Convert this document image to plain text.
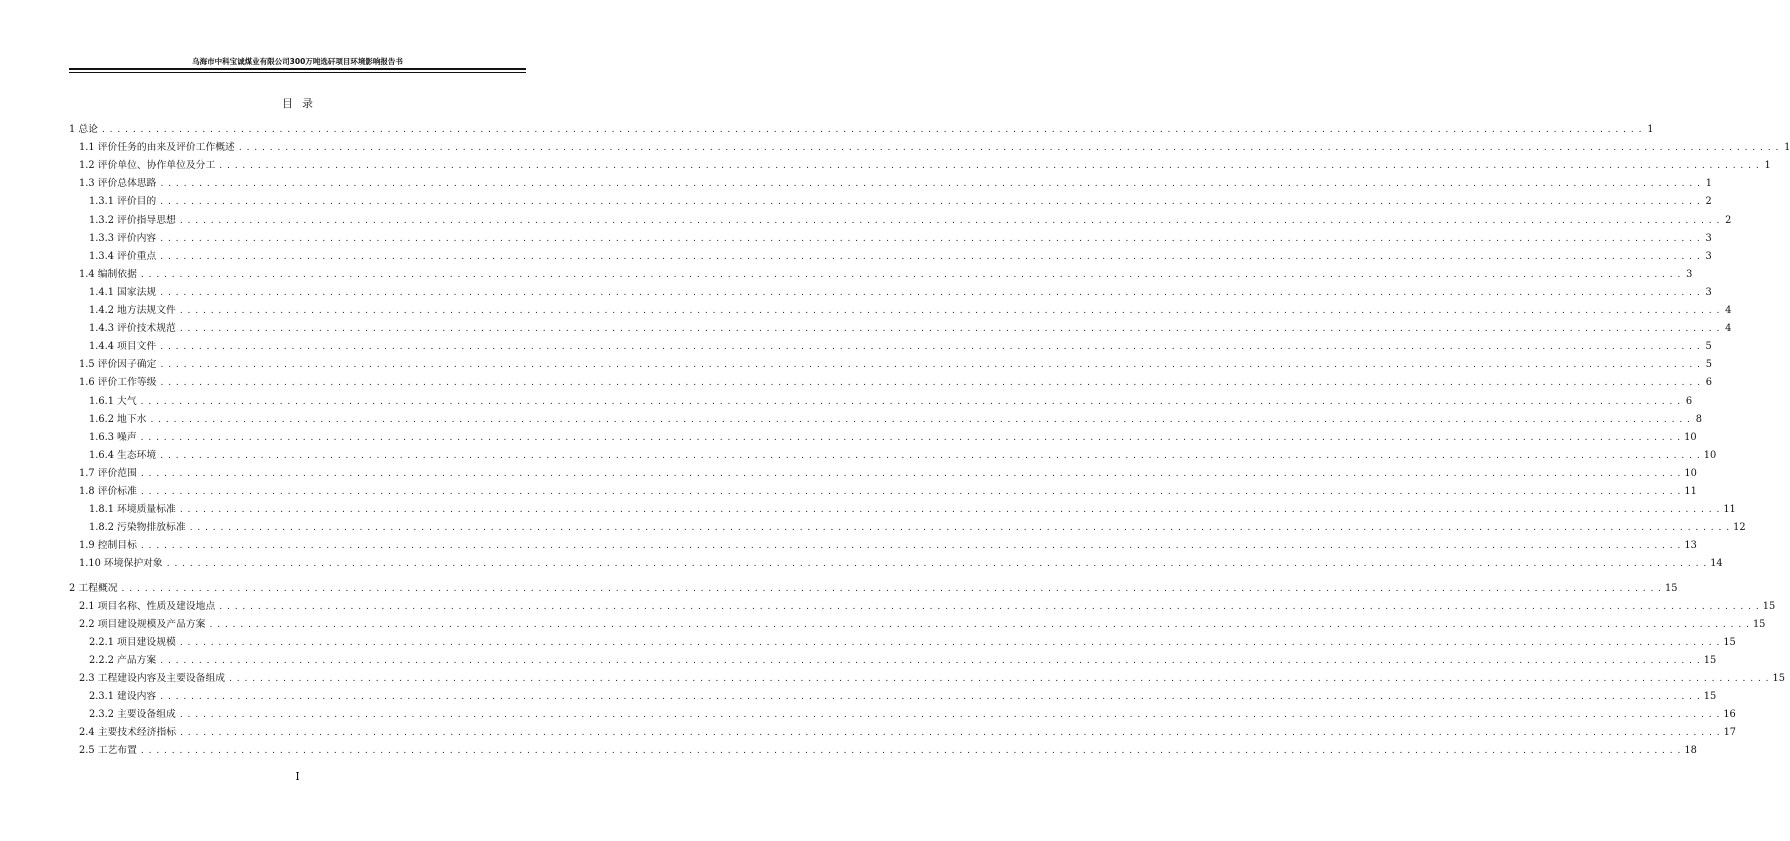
乌海市中科宝诚煤业有限公司300万吨选矸项目环境影响报告书
目录
1 总论 . . . . . . . . . . . . . . . . . . . . . . . . . . . . . . . . . . . . . . . . . . . . . . . . . . . . . . . . . . . . . . . . . . . . . . . . . . . . . . . . . . . . . . . . . . . . . . . . . . . . . . . . . . . . . . . . . . . . . . . . . . . . . . . . . . . . . . . . . . . . . . . . . . . . . . . . . . . . . . . . . . . . . . . . . . . . . . . . . . . . . . . . . . . . . . . . . . . . . . . . 1
1.1 评价任务的由来及评价工作概述 . . . . . . . . . . . . . . . . . . . . . . . . . . . . . . . . . . . . . . . . . . . . . . . . . . . . . . . . . . . . . . . . . . . . . . . . . . . . . . . . . . . . . . . . . . . . . . . . . . . . . . . . . . . . . . . . . . . . . . . . . . . . . . . . . . . . . . . . . . . . . . . . . . . . . . . . . . . . . . . . . . . . . . . . . . . . . . . . . . . . . . . . . . . . . . . . . . . . . . . . 1
1.2 评价单位、协作单位及分工 . . . . . . . . . . . . . . . . . . . . . . . . . . . . . . . . . . . . . . . . . . . . . . . . . . . . . . . . . . . . . . . . . . . . . . . . . . . . . . . . . . . . . . . . . . . . . . . . . . . . . . . . . . . . . . . . . . . . . . . . . . . . . . . . . . . . . . . . . . . . . . . . . . . . . . . . . . . . . . . . . . . . . . . . . . . . . . . . . . . . . . . . . . . . . . . . . . . . . . . . 1
1.3 评价总体思路 . . . . . . . . . . . . . . . . . . . . . . . . . . . . . . . . . . . . . . . . . . . . . . . . . . . . . . . . . . . . . . . . . . . . . . . . . . . . . . . . . . . . . . . . . . . . . . . . . . . . . . . . . . . . . . . . . . . . . . . . . . . . . . . . . . . . . . . . . . . . . . . . . . . . . . . . . . . . . . . . . . . . . . . . . . . . . . . . . . . . . . . . . . . . . . . . . . . . . . . . 1
1.3.1 评价目的 . . . . . . . . . . . . . . . . . . . . . . . . . . . . . . . . . . . . . . . . . . . . . . . . . . . . . . . . . . . . . . . . . . . . . . . . . . . . . . . . . . . . . . . . . . . . . . . . . . . . . . . . . . . . . . . . . . . . . . . . . . . . . . . . . . . . . . . . . . . . . . . . . . . . . . . . . . . . . . . . . . . . . . . . . . . . . . . . . . . . . . . . . . . . . . . . . . . . . . . . 2
1.3.2 评价指导思想 . . . . . . . . . . . . . . . . . . . . . . . . . . . . . . . . . . . . . . . . . . . . . . . . . . . . . . . . . . . . . . . . . . . . . . . . . . . . . . . . . . . . . . . . . . . . . . . . . . . . . . . . . . . . . . . . . . . . . . . . . . . . . . . . . . . . . . . . . . . . . . . . . . . . . . . . . . . . . . . . . . . . . . . . . . . . . . . . . . . . . . . . . . . . . . . . . . . . . . . . 2
1.3.3 评价内容 . . . . . . . . . . . . . . . . . . . . . . . . . . . . . . . . . . . . . . . . . . . . . . . . . . . . . . . . . . . . . . . . . . . . . . . . . . . . . . . . . . . . . . . . . . . . . . . . . . . . . . . . . . . . . . . . . . . . . . . . . . . . . . . . . . . . . . . . . . . . . . . . . . . . . . . . . . . . . . . . . . . . . . . . . . . . . . . . . . . . . . . . . . . . . . . . . . . . . . . . 3
1.3.4 评价重点 . . . . . . . . . . . . . . . . . . . . . . . . . . . . . . . . . . . . . . . . . . . . . . . . . . . . . . . . . . . . . . . . . . . . . . . . . . . . . . . . . . . . . . . . . . . . . . . . . . . . . . . . . . . . . . . . . . . . . . . . . . . . . . . . . . . . . . . . . . . . . . . . . . . . . . . . . . . . . . . . . . . . . . . . . . . . . . . . . . . . . . . . . . . . . . . . . . . . . . . . 3
1.4 编制依据 . . . . . . . . . . . . . . . . . . . . . . . . . . . . . . . . . . . . . . . . . . . . . . . . . . . . . . . . . . . . . . . . . . . . . . . . . . . . . . . . . . . . . . . . . . . . . . . . . . . . . . . . . . . . . . . . . . . . . . . . . . . . . . . . . . . . . . . . . . . . . . . . . . . . . . . . . . . . . . . . . . . . . . . . . . . . . . . . . . . . . . . . . . . . . . . . . . . . . . . . 3
1.4.1 国家法规 . . . . . . . . . . . . . . . . . . . . . . . . . . . . . . . . . . . . . . . . . . . . . . . . . . . . . . . . . . . . . . . . . . . . . . . . . . . . . . . . . . . . . . . . . . . . . . . . . . . . . . . . . . . . . . . . . . . . . . . . . . . . . . . . . . . . . . . . . . . . . . . . . . . . . . . . . . . . . . . . . . . . . . . . . . . . . . . . . . . . . . . . . . . . . . . . . . . . . . . . 3
1.4.2 地方法规文件 . . . . . . . . . . . . . . . . . . . . . . . . . . . . . . . . . . . . . . . . . . . . . . . . . . . . . . . . . . . . . . . . . . . . . . . . . . . . . . . . . . . . . . . . . . . . . . . . . . . . . . . . . . . . . . . . . . . . . . . . . . . . . . . . . . . . . . . . . . . . . . . . . . . . . . . . . . . . . . . . . . . . . . . . . . . . . . . . . . . . . . . . . . . . . . . . . . . . . . . . 4
1.4.3 评价技术规范 . . . . . . . . . . . . . . . . . . . . . . . . . . . . . . . . . . . . . . . . . . . . . . . . . . . . . . . . . . . . . . . . . . . . . . . . . . . . . . . . . . . . . . . . . . . . . . . . . . . . . . . . . . . . . . . . . . . . . . . . . . . . . . . . . . . . . . . . . . . . . . . . . . . . . . . . . . . . . . . . . . . . . . . . . . . . . . . . . . . . . . . . . . . . . . . . . . . . . . . . 4
1.4.4 项目文件 . . . . . . . . . . . . . . . . . . . . . . . . . . . . . . . . . . . . . . . . . . . . . . . . . . . . . . . . . . . . . . . . . . . . . . . . . . . . . . . . . . . . . . . . . . . . . . . . . . . . . . . . . . . . . . . . . . . . . . . . . . . . . . . . . . . . . . . . . . . . . . . . . . . . . . . . . . . . . . . . . . . . . . . . . . . . . . . . . . . . . . . . . . . . . . . . . . . . . . . . 5
1.5 评价因子确定 . . . . . . . . . . . . . . . . . . . . . . . . . . . . . . . . . . . . . . . . . . . . . . . . . . . . . . . . . . . . . . . . . . . . . . . . . . . . . . . . . . . . . . . . . . . . . . . . . . . . . . . . . . . . . . . . . . . . . . . . . . . . . . . . . . . . . . . . . . . . . . . . . . . . . . . . . . . . . . . . . . . . . . . . . . . . . . . . . . . . . . . . . . . . . . . . . . . . . . . . 5
1.6 评价工作等级 . . . . . . . . . . . . . . . . . . . . . . . . . . . . . . . . . . . . . . . . . . . . . . . . . . . . . . . . . . . . . . . . . . . . . . . . . . . . . . . . . . . . . . . . . . . . . . . . . . . . . . . . . . . . . . . . . . . . . . . . . . . . . . . . . . . . . . . . . . . . . . . . . . . . . . . . . . . . . . . . . . . . . . . . . . . . . . . . . . . . . . . . . . . . . . . . . . . . . . . . 6
1.6.1 大气 . . . . . . . . . . . . . . . . . . . . . . . . . . . . . . . . . . . . . . . . . . . . . . . . . . . . . . . . . . . . . . . . . . . . . . . . . . . . . . . . . . . . . . . . . . . . . . . . . . . . . . . . . . . . . . . . . . . . . . . . . . . . . . . . . . . . . . . . . . . . . . . . . . . . . . . . . . . . . . . . . . . . . . . . . . . . . . . . . . . . . . . . . . . . . . . . . . . . . . . . 6
1.6.2 地下水 . . . . . . . . . . . . . . . . . . . . . . . . . . . . . . . . . . . . . . . . . . . . . . . . . . . . . . . . . . . . . . . . . . . . . . . . . . . . . . . . . . . . . . . . . . . . . . . . . . . . . . . . . . . . . . . . . . . . . . . . . . . . . . . . . . . . . . . . . . . . . . . . . . . . . . . . . . . . . . . . . . . . . . . . . . . . . . . . . . . . . . . . . . . . . . . . . . . . . . . . 8
1.6.3 噪声 . . . . . . . . . . . . . . . . . . . . . . . . . . . . . . . . . . . . . . . . . . . . . . . . . . . . . . . . . . . . . . . . . . . . . . . . . . . . . . . . . . . . . . . . . . . . . . . . . . . . . . . . . . . . . . . . . . . . . . . . . . . . . . . . . . . . . . . . . . . . . . . . . . . . . . . . . . . . . . . . . . . . . . . . . . . . . . . . . . . . . . . . . . . . . . . . . . . . . . . . 10
1.6.4 生态环境 . . . . . . . . . . . . . . . . . . . . . . . . . . . . . . . . . . . . . . . . . . . . . . . . . . . . . . . . . . . . . . . . . . . . . . . . . . . . . . . . . . . . . . . . . . . . . . . . . . . . . . . . . . . . . . . . . . . . . . . . . . . . . . . . . . . . . . . . . . . . . . . . . . . . . . . . . . . . . . . . . . . . . . . . . . . . . . . . . . . . . . . . . . . . . . . . . . . . . . . . 10
1.7 评价范围 . . . . . . . . . . . . . . . . . . . . . . . . . . . . . . . . . . . . . . . . . . . . . . . . . . . . . . . . . . . . . . . . . . . . . . . . . . . . . . . . . . . . . . . . . . . . . . . . . . . . . . . . . . . . . . . . . . . . . . . . . . . . . . . . . . . . . . . . . . . . . . . . . . . . . . . . . . . . . . . . . . . . . . . . . . . . . . . . . . . . . . . . . . . . . . . . . . . . . . . . 10
1.8 评价标准 . . . . . . . . . . . . . . . . . . . . . . . . . . . . . . . . . . . . . . . . . . . . . . . . . . . . . . . . . . . . . . . . . . . . . . . . . . . . . . . . . . . . . . . . . . . . . . . . . . . . . . . . . . . . . . . . . . . . . . . . . . . . . . . . . . . . . . . . . . . . . . . . . . . . . . . . . . . . . . . . . . . . . . . . . . . . . . . . . . . . . . . . . . . . . . . . . . . . . . . . 11
1.8.1 环境质量标准 . . . . . . . . . . . . . . . . . . . . . . . . . . . . . . . . . . . . . . . . . . . . . . . . . . . . . . . . . . . . . . . . . . . . . . . . . . . . . . . . . . . . . . . . . . . . . . . . . . . . . . . . . . . . . . . . . . . . . . . . . . . . . . . . . . . . . . . . . . . . . . . . . . . . . . . . . . . . . . . . . . . . . . . . . . . . . . . . . . . . . . . . . . . . . . . . . . . . . . . . 11
1.8.2 污染物排放标准 . . . . . . . . . . . . . . . . . . . . . . . . . . . . . . . . . . . . . . . . . . . . . . . . . . . . . . . . . . . . . . . . . . . . . . . . . . . . . . . . . . . . . . . . . . . . . . . . . . . . . . . . . . . . . . . . . . . . . . . . . . . . . . . . . . . . . . . . . . . . . . . . . . . . . . . . . . . . . . . . . . . . . . . . . . . . . . . . . . . . . . . . . . . . . . . . . . . . . . . . 12
1.9 控制目标 . . . . . . . . . . . . . . . . . . . . . . . . . . . . . . . . . . . . . . . . . . . . . . . . . . . . . . . . . . . . . . . . . . . . . . . . . . . . . . . . . . . . . . . . . . . . . . . . . . . . . . . . . . . . . . . . . . . . . . . . . . . . . . . . . . . . . . . . . . . . . . . . . . . . . . . . . . . . . . . . . . . . . . . . . . . . . . . . . . . . . . . . . . . . . . . . . . . . . . . . 13
1.10 环境保护对象 . . . . . . . . . . . . . . . . . . . . . . . . . . . . . . . . . . . . . . . . . . . . . . . . . . . . . . . . . . . . . . . . . . . . . . . . . . . . . . . . . . . . . . . . . . . . . . . . . . . . . . . . . . . . . . . . . . . . . . . . . . . . . . . . . . . . . . . . . . . . . . . . . . . . . . . . . . . . . . . . . . . . . . . . . . . . . . . . . . . . . . . . . . . . . . . . . . . . . . . . 14
2 工程概况 . . . . . . . . . . . . . . . . . . . . . . . . . . . . . . . . . . . . . . . . . . . . . . . . . . . . . . . . . . . . . . . . . . . . . . . . . . . . . . . . . . . . . . . . . . . . . . . . . . . . . . . . . . . . . . . . . . . . . . . . . . . . . . . . . . . . . . . . . . . . . . . . . . . . . . . . . . . . . . . . . . . . . . . . . . . . . . . . . . . . . . . . . . . . . . . . . . . . . . . . 15
2.1 项目名称、性质及建设地点 . . . . . . . . . . . . . . . . . . . . . . . . . . . . . . . . . . . . . . . . . . . . . . . . . . . . . . . . . . . . . . . . . . . . . . . . . . . . . . . . . . . . . . . . . . . . . . . . . . . . . . . . . . . . . . . . . . . . . . . . . . . . . . . . . . . . . . . . . . . . . . . . . . . . . . . . . . . . . . . . . . . . . . . . . . . . . . . . . . . . . . . . . . . . . . . . . . . . . . . . 15
2.2 项目建设规模及产品方案 . . . . . . . . . . . . . . . . . . . . . . . . . . . . . . . . . . . . . . . . . . . . . . . . . . . . . . . . . . . . . . . . . . . . . . . . . . . . . . . . . . . . . . . . . . . . . . . . . . . . . . . . . . . . . . . . . . . . . . . . . . . . . . . . . . . . . . . . . . . . . . . . . . . . . . . . . . . . . . . . . . . . . . . . . . . . . . . . . . . . . . . . . . . . . . . . . . . . . . . . 15
2.2.1 项目建设规模 . . . . . . . . . . . . . . . . . . . . . . . . . . . . . . . . . . . . . . . . . . . . . . . . . . . . . . . . . . . . . . . . . . . . . . . . . . . . . . . . . . . . . . . . . . . . . . . . . . . . . . . . . . . . . . . . . . . . . . . . . . . . . . . . . . . . . . . . . . . . . . . . . . . . . . . . . . . . . . . . . . . . . . . . . . . . . . . . . . . . . . . . . . . . . . . . . . . . . . . . 15
2.2.2 产品方案 . . . . . . . . . . . . . . . . . . . . . . . . . . . . . . . . . . . . . . . . . . . . . . . . . . . . . . . . . . . . . . . . . . . . . . . . . . . . . . . . . . . . . . . . . . . . . . . . . . . . . . . . . . . . . . . . . . . . . . . . . . . . . . . . . . . . . . . . . . . . . . . . . . . . . . . . . . . . . . . . . . . . . . . . . . . . . . . . . . . . . . . . . . . . . . . . . . . . . . . . 15
2.3 工程建设内容及主要设备组成 . . . . . . . . . . . . . . . . . . . . . . . . . . . . . . . . . . . . . . . . . . . . . . . . . . . . . . . . . . . . . . . . . . . . . . . . . . . . . . . . . . . . . . . . . . . . . . . . . . . . . . . . . . . . . . . . . . . . . . . . . . . . . . . . . . . . . . . . . . . . . . . . . . . . . . . . . . . . . . . . . . . . . . . . . . . . . . . . . . . . . . . . . . . . . . . . . . . . . . . . 15
2.3.1 建设内容 . . . . . . . . . . . . . . . . . . . . . . . . . . . . . . . . . . . . . . . . . . . . . . . . . . . . . . . . . . . . . . . . . . . . . . . . . . . . . . . . . . . . . . . . . . . . . . . . . . . . . . . . . . . . . . . . . . . . . . . . . . . . . . . . . . . . . . . . . . . . . . . . . . . . . . . . . . . . . . . . . . . . . . . . . . . . . . . . . . . . . . . . . . . . . . . . . . . . . . . . 15
2.3.2 主要设备组成 . . . . . . . . . . . . . . . . . . . . . . . . . . . . . . . . . . . . . . . . . . . . . . . . . . . . . . . . . . . . . . . . . . . . . . . . . . . . . . . . . . . . . . . . . . . . . . . . . . . . . . . . . . . . . . . . . . . . . . . . . . . . . . . . . . . . . . . . . . . . . . . . . . . . . . . . . . . . . . . . . . . . . . . . . . . . . . . . . . . . . . . . . . . . . . . . . . . . . . . . 16
2.4 主要技术经济指标 . . . . . . . . . . . . . . . . . . . . . . . . . . . . . . . . . . . . . . . . . . . . . . . . . . . . . . . . . . . . . . . . . . . . . . . . . . . . . . . . . . . . . . . . . . . . . . . . . . . . . . . . . . . . . . . . . . . . . . . . . . . . . . . . . . . . . . . . . . . . . . . . . . . . . . . . . . . . . . . . . . . . . . . . . . . . . . . . . . . . . . . . . . . . . . . . . . . . . . . . 17
2.5 工艺布置 . . . . . . . . . . . . . . . . . . . . . . . . . . . . . . . . . . . . . . . . . . . . . . . . . . . . . . . . . . . . . . . . . . . . . . . . . . . . . . . . . . . . . . . . . . . . . . . . . . . . . . . . . . . . . . . . . . . . . . . . . . . . . . . . . . . . . . . . . . . . . . . . . . . . . . . . . . . . . . . . . . . . . . . . . . . . . . . . . . . . . . . . . . . . . . . . . . . . . . . . 18
I
